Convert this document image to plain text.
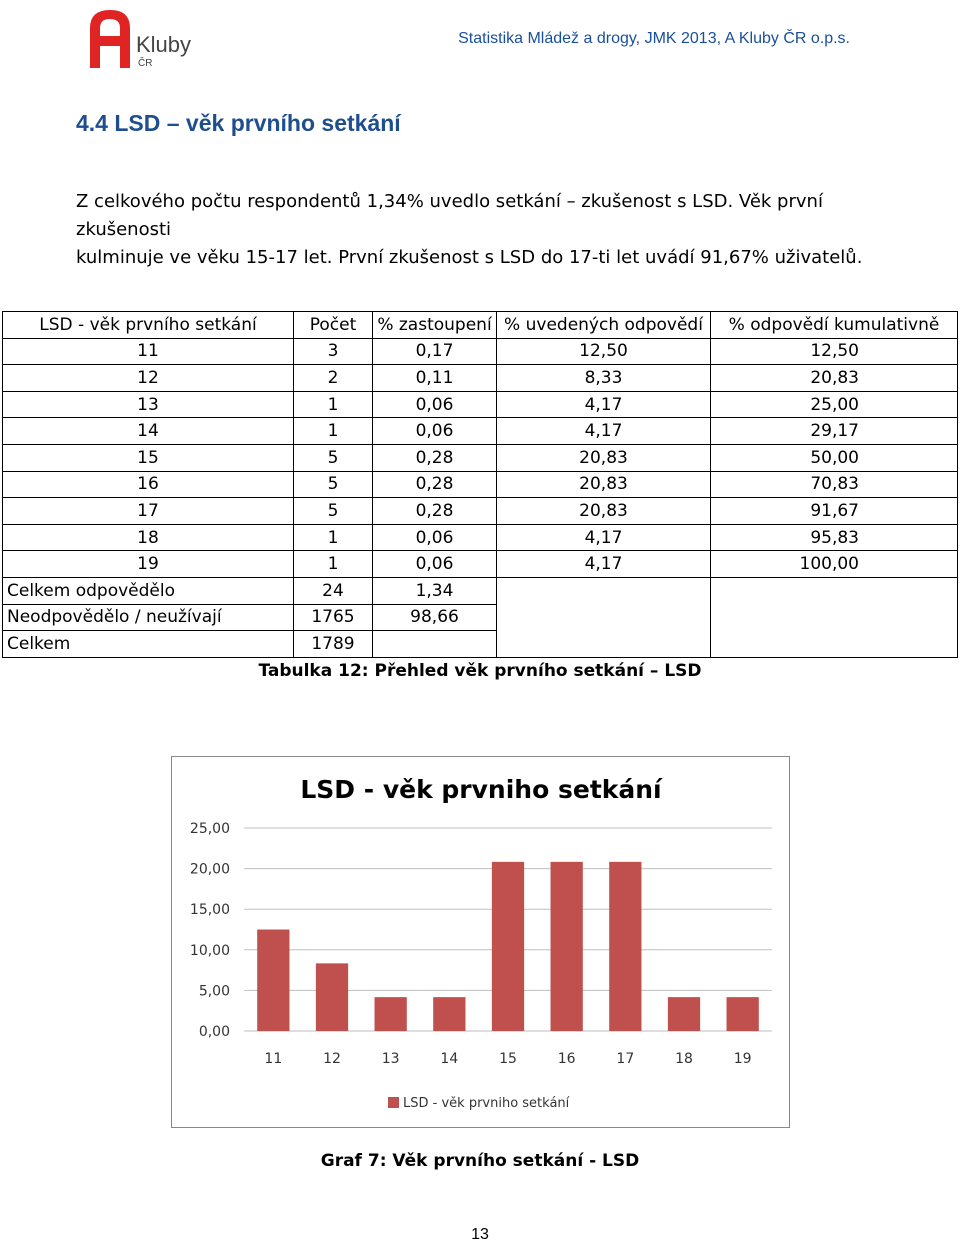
Kluby
ČR
Statistika Mládež a drogy, JMK 2013, A Kluby ČR o.p.s.
4.4 LSD – věk prvního setkání

Z celkového počtu respondentů 1,34% uvedlo setkání – zkušenost s LSD. Věk první zkušenosti

kulminuje ve věku 15-17 let. První zkušenost s LSD do 17-ti let uvádí 91,67% uživatelů.

LSD - věk prvního setkání	Počet	% zastoupení	% uvedených odpovědí	% odpovědí kumulativně
11	3	0,17	12,50	12,50
12	2	0,11	8,33	20,83
13	1	0,06	4,17	25,00
14	1	0,06	4,17	29,17
15	5	0,28	20,83	50,00
16	5	0,28	20,83	70,83
17	5	0,28	20,83	91,67
18	1	0,06	4,17	95,83
19	1	0,06	4,17	100,00
Celkem odpovědělo	24	1,34		
Neodpovědělo / neužívají	1765	98,66		
Celkem	1789			
Tabulka 12: Přehled věk prvního setkání – LSD
LSD - věk prvniho setkání
0,00
5,00
10,00
15,00
20,00
25,00
11	12	13	14	15	16	17	18	19
LSD - věk prvniho setkání
Graf 7: Věk prvního setkání - LSD
13
